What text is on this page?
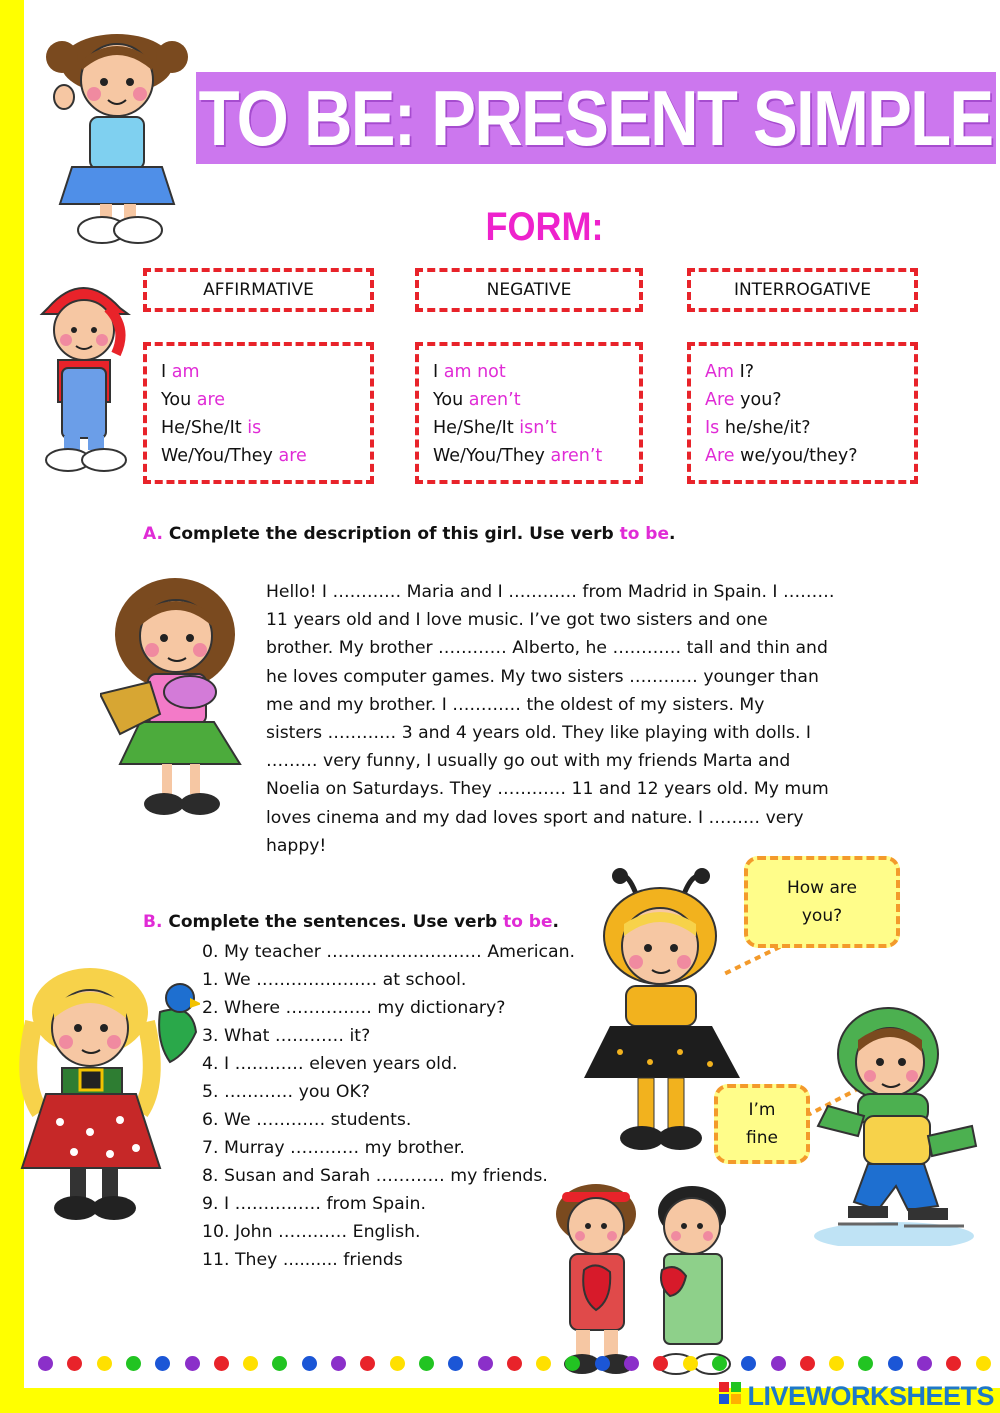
TO BE: PRESENT SIMPLE
FORM:
AFFIRMATIVE	NEGATIVE	INTERROGATIVE
I am
You are
He/She/It is
We/You/They are
I am not
You aren’t
He/She/It isn’t
We/You/They aren’t
Am I?
Are you?
Is he/she/it?
Are we/you/they?
A. Complete the description of this girl. Use verb to be.
Hello! I ………… Maria and I ………… from Madrid in Spain. I ………
11 years old and I love music. I’ve got two sisters and one
brother. My brother ………… Alberto, he ………… tall and thin and
he loves computer games. My two sisters ………… younger than
me and my brother. I ………… the oldest of my sisters. My
sisters ………… 3 and 4 years old. They like playing with dolls. I
……… very funny, I usually go out with my friends Marta and
Noelia on Saturdays. They ………… 11 and 12 years old. My mum
loves cinema and my dad loves sport and nature. I ……… very
happy!
B. Complete the sentences. Use verb to be.
0. My teacher ……………………… American.
1. We ………………… at school.
2. Where …………… my dictionary?
3. What ………… it?
4. I ………… eleven years old.
5. ………… you OK?
6. We ………… students.
7. Murray ………… my brother.
8. Susan and Sarah ………… my friends.
9. I …………… from Spain.
10. John ………… English.
11. They .......... friends
How are
you?
I’m
fine
LIVEWORKSHEETS
